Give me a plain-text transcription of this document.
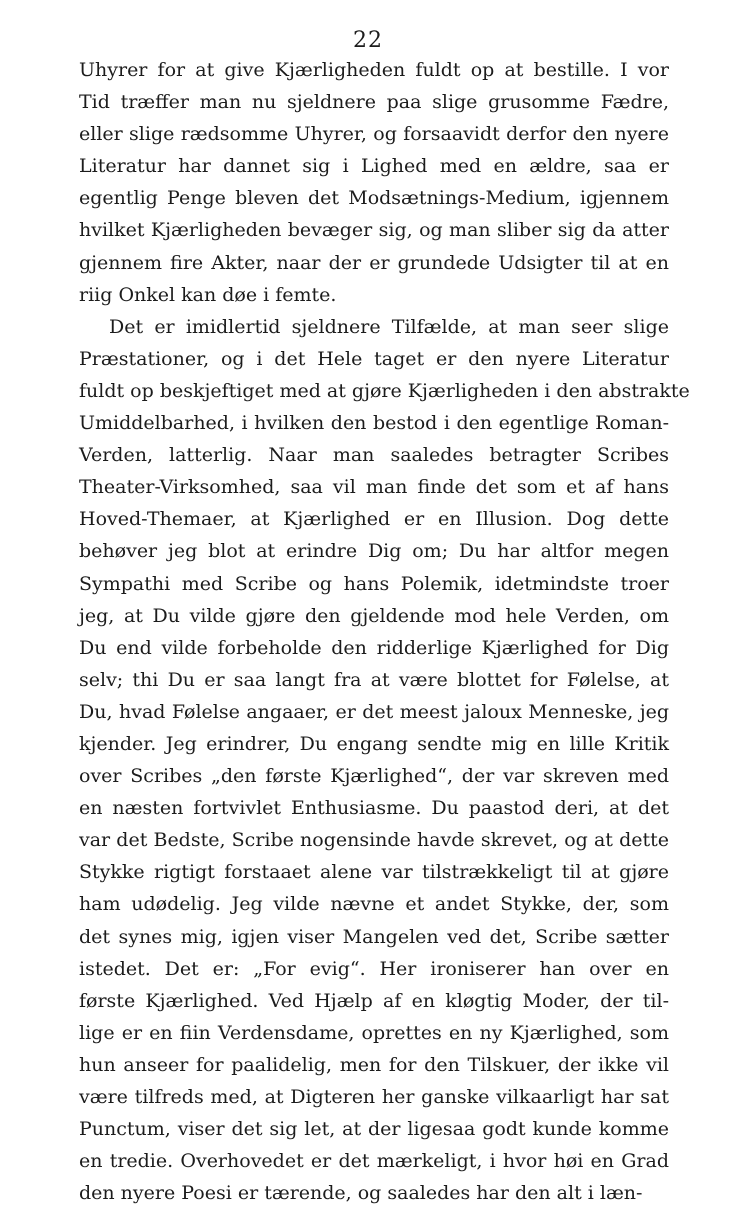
22
Uhyrer for at give Kjærligheden fuldt op at bestille. I vor
Tid træffer man nu sjeldnere paa slige grusomme Fædre,
eller slige rædsomme Uhyrer, og forsaavidt derfor den nyere
Literatur har dannet sig i Lighed med en ældre, saa er
egentlig Penge bleven det Modsætnings-Medium, igjennem
hvilket Kjærligheden bevæger sig, og man sliber sig da atter
gjennem fire Akter, naar der er grundede Udsigter til at en
riig Onkel kan døe i femte.
Det er imidlertid sjeldnere Tilfælde, at man seer slige
Præstationer, og i det Hele taget er den nyere Literatur
fuldt op beskjeftiget med at gjøre Kjærligheden i den abstrakte
Umiddelbarhed, i hvilken den bestod i den egentlige Roman-
Verden, latterlig. Naar man saaledes betragter Scribes
Theater-Virksomhed, saa vil man finde det som et af hans
Hoved-Themaer, at Kjærlighed er en Illusion. Dog dette
behøver jeg blot at erindre Dig om; Du har altfor megen
Sympathi med Scribe og hans Polemik, idetmindste troer
jeg, at Du vilde gjøre den gjeldende mod hele Verden, om
Du end vilde forbeholde den ridderlige Kjærlighed for Dig
selv; thi Du er saa langt fra at være blottet for Følelse, at
Du, hvad Følelse angaaer, er det meest jaloux Menneske, jeg
kjender. Jeg erindrer, Du engang sendte mig en lille Kritik
over Scribes „den første Kjærlighed“, der var skreven med
en næsten fortvivlet Enthusiasme. Du paastod deri, at det
var det Bedste, Scribe nogensinde havde skrevet, og at dette
Stykke rigtigt forstaaet alene var tilstrækkeligt til at gjøre
ham udødelig. Jeg vilde nævne et andet Stykke, der, som
det synes mig, igjen viser Mangelen ved det, Scribe sætter
istedet. Det er: „For evig“. Her ironiserer han over en
første Kjærlighed. Ved Hjælp af en kløgtig Moder, der til-
lige er en fiin Verdensdame, oprettes en ny Kjærlighed, som
hun anseer for paalidelig, men for den Tilskuer, der ikke vil
være tilfreds med, at Digteren her ganske vilkaarligt har sat
Punctum, viser det sig let, at der ligesaa godt kunde komme
en tredie. Overhovedet er det mærkeligt, i hvor høi en Grad
den nyere Poesi er tærende, og saaledes har den alt i læn-
